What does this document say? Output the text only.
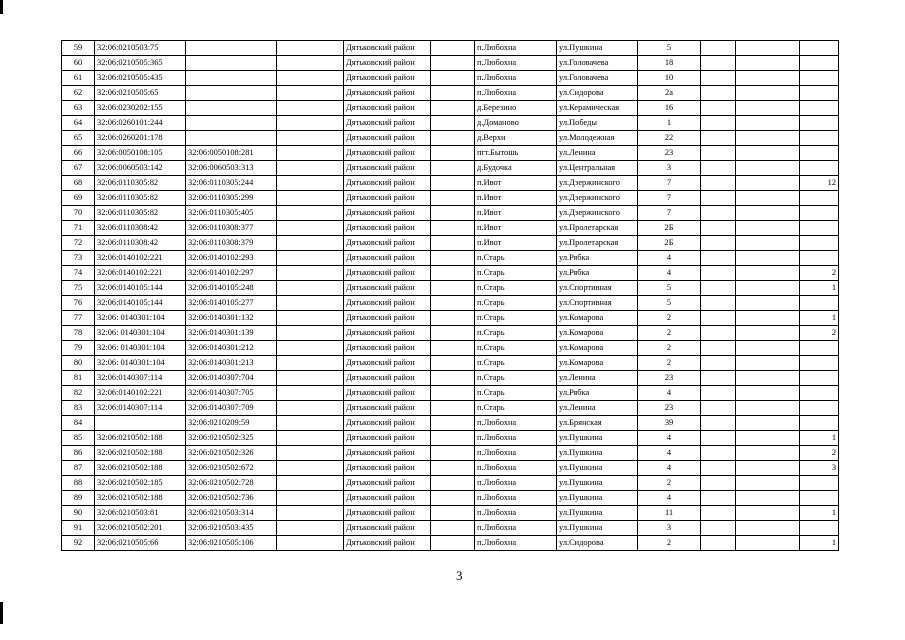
59	32:06:0210503:75			Дятьковский район		п.Любохна	ул.Пушкина	5			
60	32:06:0210505:365			Дятьковский район		п.Любохна	ул.Головачева	18			
61	32:06:0210505:435			Дятьковский район		п.Любохна	ул.Головачева	10			
62	32:06:0210505:65			Дятьковский район		п.Любохна	ул.Сидорова	2а			
63	32:06:0230202:155			Дятьковский район		д.Березино	ул.Керамическая	16			
64	32:06:0260101:244			Дятьковский район		д.Доманово	ул.Победы	1			
65	32:06:0260201:178			Дятьковский район		д.Верхи	ул.Молодежная	22			
66	32:06:0050108:105	32:06:0050108:281		Дятьковский район		пгт.Бытошь	ул.Ленина	23			
67	32:06:0060503:142	32:06:0060503:313		Дятьковский район		д.Будочка	ул.Центральная	3			
68	32:06:0110305:82	32:06:0110305:244		Дятьковский район		п.Ивот	ул.Дзержинского	7			12
69	32:06:0110305:82	32:06:0110305:299		Дятьковский район		п.Ивот	ул.Дзержинского	7			
70	32:06:0110305:82	32:06:0110305:405		Дятьковский район		п.Ивот	ул.Дзержинского	7			
71	32:06:0110308:42	32:06:0110308:377		Дятьковский район		п.Ивот	ул.Пролетарская	2Б			
72	32:06:0110308:42	32:06:0110308:379		Дятьковский район		п.Ивот	ул.Пролетарская	2Б			
73	32:06:0140102:221	32:06:0140102:293		Дятьковский район		п.Старь	ул.Рябка	4			
74	32:06:0140102:221	32:06:0140102:297		Дятьковский район		п.Старь	ул.Рябка	4			2
75	32:06:0140105:144	32:06:0140105:248		Дятьковский район		п.Старь	ул.Спортивная	5			1
76	32:06:0140105:144	32:06:0140105:277		Дятьковский район		п.Старь	ул.Спортивная	5			
77	32:06: 0140301:104	32:06:0140301:132		Дятьковский район		п.Старь	ул.Комарова	2			1
78	32:06: 0140301:104	32:06:0140301:139		Дятьковский район		п.Старь	ул.Комарова	2			2
79	32:06: 0140301:104	32:06:0140301:212		Дятьковский район		п.Старь	ул.Комарова	2			
80	32:06: 0140301:104	32:06:0140301:213		Дятьковский район		п.Старь	ул.Комарова	2			
81	32:06:0140307:114	32:06:0140307:704		Дятьковский район		п.Старь	ул.Ленина	23			
82	32:06:0140102:221	32:06:0140307:705		Дятьковский район		п.Старь	ул.Рябка	4			
83	32:06:0140307:114	32:06:0140307:709		Дятьковский район		п.Старь	ул.Ленина	23			
84		32:06:0210209:59		Дятьковский район		п.Любохна	ул.Брянская	39			
85	32:06:0210502:188	32:06:0210502:325		Дятьковский район		п.Любохна	ул.Пушкина	4			1
86	32:06:0210502:188	32:06:0210502:326		Дятьковский район		п.Любохна	ул.Пушкина	4			2
87	32:06:0210502:188	32:06:0210502:672		Дятьковский район		п.Любохна	ул.Пушкина	4			3
88	32:06:0210502:185	32:06:0210502:728		Дятьковский район		п.Любохна	ул.Пушкина	2			
89	32:06:0210502:188	32:06:0210502:736		Дятьковский район		п.Любохна	ул.Пушкина	4			
90	32:06:0210503:81	32:06:0210503:314		Дятьковский район		п.Любохна	ул.Пушкина	11			1
91	32:06:0210502:201	32:06:0210503:435		Дятьковский район		п.Любохна	ул.Пушкина	3			
92	32:06:0210505:66	32:06:0210505:106		Дятьковский район		п.Любохна	ул.Сидорова	2			1
3
